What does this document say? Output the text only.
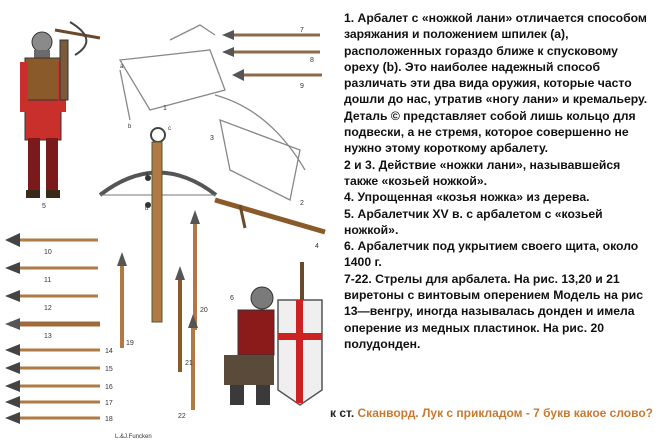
5
1
3
2
4
6
7
8
9
10
11
12
13
14
15
16
17
18
19
20
21
22
a
b
c
a
b
L.&J.Funcken

1. Арбалет с «ножкой лани» отличается способом заряжания и положением шпилек (а), расположенных гораздо ближе к спусковому ореху (b). Это наиболее надежный способ различать эти два вида оружия, которые часто дошли до нас, утратив «ногу лани» и кремальеру. Деталь © представляет собой лишь кольцо для подвески, а не стремя, которое совершенно не нужно этому короткому арбалету.

2 и 3. Действие «ножки лани», называвшейся также «козьей ножкой».

4. Упрощенная «козья ножка» из дерева.

5. Арбалетчик XV в. с арбалетом с «козьей ножкой».

6. Арбалетчик под укрытием своего щита, около 1400 г.

7-22. Стрелы для арбалета. На рис. 13,20 и 21 виретоны с винтовым оперением Модель на рис 13—венгру, иногда называлась донден и имела оперение из медных пластинок. На рис. 20 полудонден.

к ст. Сканворд. Лук с прикладом - 7 букв какое слово?
